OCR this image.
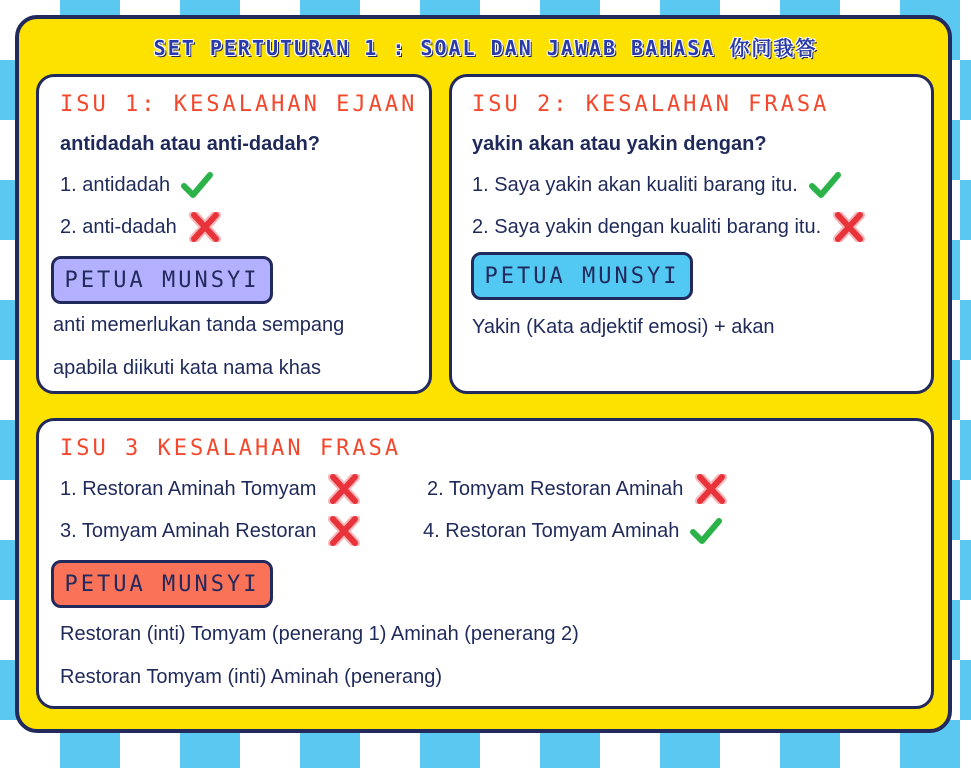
SET PERTUTURAN 1 : SOAL DAN JAWAB BAHASA 你问我答
ISU 1: KESALAHAN EJAAN
antidadah atau anti-dadah?
1. antidadah
2. anti-dadah
PETUA MUNSYI
anti memerlukan tanda sempang
apabila diikuti kata nama khas
ISU 2: KESALAHAN FRASA
yakin akan atau yakin dengan?
1. Saya yakin akan kualiti barang itu.
2. Saya yakin dengan kualiti barang itu.
PETUA MUNSYI
Yakin (Kata adjektif emosi) + akan
ISU 3 KESALAHAN FRASA
1. Restoran Aminah Tomyam	2. Tomyam Restoran Aminah
3. Tomyam Aminah Restoran	4. Restoran Tomyam Aminah
PETUA MUNSYI
Restoran (inti) Tomyam (penerang 1) Aminah (penerang 2)
Restoran Tomyam (inti) Aminah (penerang)
